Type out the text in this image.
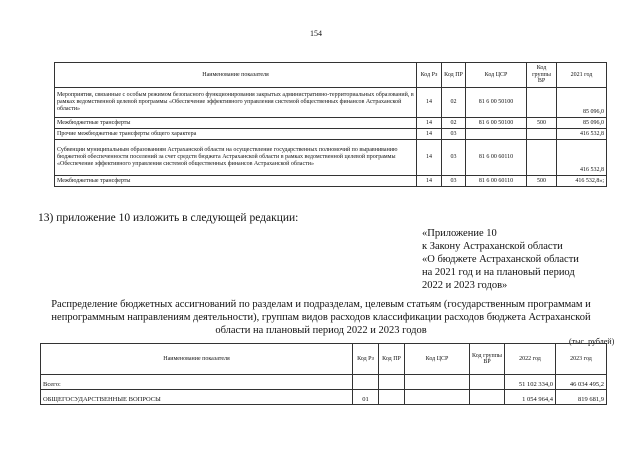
154
Наименование показателя	Код Рз	Код ПР	Код ЦСР	Код группы ВР	2021 год
Мероприятия, связанные с особым режимом безопасного функционирования закрытых административно-территориальных образований, в рамках ведомственной целевой программы «Обеспечение эффективного управления системой общественных финансов Астраханской области»	14	02	81 6 00 50100		85 096,0
Межбюджетные трансферты	14	02	81 6 00 50100	500	85 096,0
Прочие межбюджетные трансферты общего характера	14	03			416 532,8
Субвенции муниципальным образованиям Астраханской области на осуществление государственных полномочий по выравниванию бюджетной обеспеченности поселений за счет средств бюджета Астраханской области в рамках ведомственной целевой программы «Обеспечение эффективного управления системой общественных финансов Астраханской области»	14	03	81 6 00 60110		416 532,8
Межбюджетные трансферты	14	03	81 6 00 60110	500	416 532,8»;
13) приложение 10 изложить в следующей редакции:
«Приложение 10
к Закону Астраханской области
«О бюджете Астраханской области
на 2021 год и на плановый период
2022 и 2023 годов»
Распределение бюджетных ассигнований по разделам и подразделам, целевым статьям (государственным программам и непрограммным направлениям деятельности), группам видов расходов классификации расходов бюджета Астраханской области на плановый период 2022 и 2023 годов
(тыс. рублей)
Наименование показателя	Код Рз	Код ПР	Код ЦСР	Код группы ВР	2022 год	2023 год
Всего:					51 102 334,0	46 034 495,2
ОБЩЕГОСУДАРСТВЕННЫЕ ВОПРОСЫ	01				1 054 964,4	819 681,9
